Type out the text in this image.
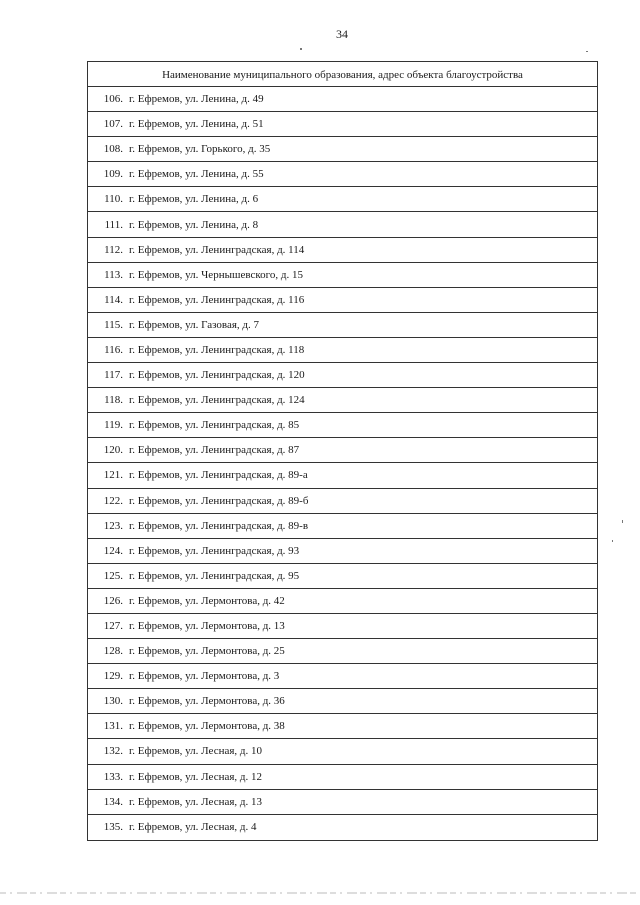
34
Наименование муниципального образования, адрес объекта благоустройства
106. г. Ефремов, ул. Ленина, д. 49
107. г. Ефремов, ул. Ленина, д. 51
108. г. Ефремов, ул. Горького, д. 35
109. г. Ефремов, ул. Ленина, д. 55
110. г. Ефремов, ул. Ленина, д. 6
111. г. Ефремов, ул. Ленина, д. 8
112. г. Ефремов, ул. Ленинградская, д. 114
113. г. Ефремов, ул. Чернышевского, д. 15
114. г. Ефремов, ул. Ленинградская, д. 116
115. г. Ефремов, ул. Газовая, д. 7
116. г. Ефремов, ул. Ленинградская, д. 118
117. г. Ефремов, ул. Ленинградская, д. 120
118. г. Ефремов, ул. Ленинградская, д. 124
119. г. Ефремов, ул. Ленинградская, д. 85
120. г. Ефремов, ул. Ленинградская, д. 87
121. г. Ефремов, ул. Ленинградская, д. 89-а
122. г. Ефремов, ул. Ленинградская, д. 89-б
123. г. Ефремов, ул. Ленинградская, д. 89-в
124. г. Ефремов, ул. Ленинградская, д. 93
125. г. Ефремов, ул. Ленинградская, д. 95
126. г. Ефремов, ул. Лермонтова, д. 42
127. г. Ефремов, ул. Лермонтова, д. 13
128. г. Ефремов, ул. Лермонтова, д. 25
129. г. Ефремов, ул. Лермонтова, д. 3
130. г. Ефремов, ул. Лермонтова, д. 36
131. г. Ефремов, ул. Лермонтова, д. 38
132. г. Ефремов, ул. Лесная, д. 10
133. г. Ефремов, ул. Лесная, д. 12
134. г. Ефремов, ул. Лесная, д. 13
135. г. Ефремов, ул. Лесная, д. 4
